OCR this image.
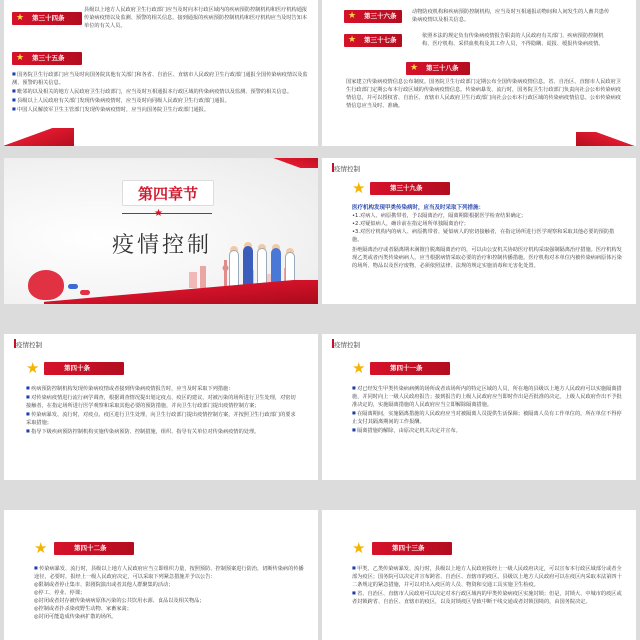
★ 第三十四条
县级以上地方人民政府卫生行政部门应当及时向本行政区域内的疾病预防控制机构和医疗机构通报传染病疫情以及监测、预警的相关信息。接到通报的疾病预防控制机构和医疗机构应当及时告知本单位的有关人员。
★ 第三十五条
■ 国务院卫生行政部门应当及时向国务院其他有关部门和各省、自治区、直辖市人民政府卫生行政部门通报全国传染病疫情以及监测、预警的相关信息。
■ 毗邻的以及相关的地方人民政府卫生行政部门，应当及时互相通报本行政区域的传染病疫情以及监测、预警的相关信息。
■ 县级以上人民政府有关部门发现传染病疫情时，应当及时向同级人民政府卫生行政部门通报。
■ 中国人民解放军卫生主管部门发现传染病疫情时，应当向国务院卫生行政部门通报。
★ 第三十六条	动物防疫机构和疾病预防控制机构，应当及时互相通报动物间和人间发生的人畜共患传染病疫情以及相关信息。
★ 第三十七条	依照本法的规定负有传染病疫情报告职责的人民政府有关部门、疾病预防控制机构、医疗机构、采供血机构及其工作人员，不得隐瞒、谎报、缓报传染病疫情。
★ 第三十八条
国家建立传染病疫情信息公布制度。国务院卫生行政部门定期公布全国传染病疫情信息。省、自治区、直辖市人民政府卫生行政部门定期公布本行政区域的传染病疫情信息。传染病暴发、流行时，国务院卫生行政部门负责向社会公布传染病疫情信息，并可以授权省、自治区、直辖市人民政府卫生行政部门向社会公布本行政区域的传染病疫情信息。公布传染病疫情信息应当及时、准确。
第四章节
★
疫情控制
疫情控制
★	第三十九条
医疗机构发现甲类传染病时，应当及时采取下列措施：
•1.对病人、病原携带者，予以隔离治疗，隔离期限根据医学检查结果确定；
•2.对疑似病人，确诊前在指定场所单独隔离治疗；
•3.对医疗机构内的病人、病原携带者、疑似病人的密切接触者，在指定场所进行医学观察和采取其他必要的预防措施。
拒绝隔离治疗或者隔离期未满擅自脱离隔离治疗的，可以由公安机关协助医疗机构采取强制隔离治疗措施。医疗机构发现乙类或者丙类传染病病人，应当根据病情采取必要的治疗和控制传播措施。医疗机构对本单位内被传染病病原体污染的场所、物品以及医疗废物，必须依照法律、法规的规定实施消毒和无害化处置。
疫情控制
★	第四十条
■ 疾病预防控制机构发现传染病疫情或者接到传染病疫情报告时，应当及时采取下列措施：
■ 对传染病疫情进行流行病学调查，根据调查情况提出划定疫点、疫区的建议，对被污染的场所进行卫生处理，对密切接触者，在指定场所进行医学观察和采取其他必要的预防措施，并向卫生行政部门提出疫情控制方案；
■ 传染病暴发、流行时，对疫点、疫区进行卫生处理，向卫生行政部门提出疫情控制方案，并按照卫生行政部门的要求采取措施；
■ 指导下级疾病预防控制机构实施传染病预防、控制措施，组织、指导有关单位对传染病疫情的处理。
疫情控制
★	第四十一条
■ 对已经发生甲类传染病病例的场所或者该场所内的特定区域的人员，所在地的县级以上地方人民政府可以实施隔离措施，并同时向上一级人民政府报告；接到报告的上级人民政府应当即时作出是否批准的决定。上级人民政府作出不予批准决定的，实施隔离措施的人民政府应当立即解除隔离措施。
■ 在隔离期间，实施隔离措施的人民政府应当对被隔离人员提供生活保障；被隔离人员有工作单位的，所在单位不得停止支付其隔离期间的工作报酬。
■ 隔离措施的解除，由原决定机关决定并宣布。
★	第四十二条
■ 传染病暴发、流行时，县级以上地方人民政府应当立即组织力量，按照预防、控制预案进行防治，切断传染病的传播途径，必要时，报经上一级人民政府决定，可以采取下列紧急措施并予以公告：
◎限制或者停止集市、影剧院演出或者其他人群聚集的活动；
◎停工、停业、停课；
◎封闭或者封存被传染病病原体污染的公共饮用水源、食品以及相关物品；
◎控制或者扑杀染疫野生动物、家畜家禽；
◎封闭可能造成传染病扩散的场所。
★	第四十三条
■ 甲类、乙类传染病暴发、流行时，县级以上地方人民政府报经上一级人民政府决定，可以宣布本行政区域部分或者全部为疫区；国务院可以决定并宣布跨省、自治区、直辖市的疫区。县级以上地方人民政府可以在疫区内采取本法第四十二条规定的紧急措施，并可以对出入疫区的人员、物资和交通工具实施卫生检疫。
■ 省、自治区、直辖市人民政府可以决定对本行政区域内的甲类传染病疫区实施封锁；但是，封锁大、中城市的疫区或者封锁跨省、自治区、直辖市的疫区，以及封锁疫区导致中断干线交通或者封锁国境的，由国务院决定。
